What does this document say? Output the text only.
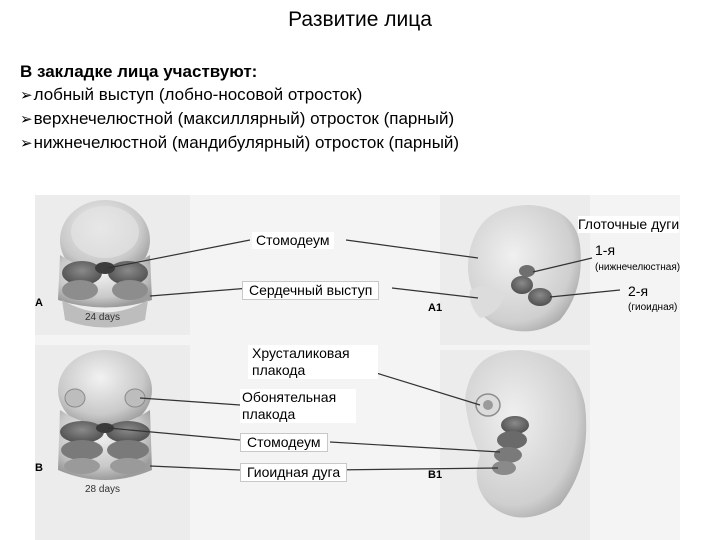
Развитие лица
В закладке лица участвуют:
➢лобный выступ (лобно-носовой отросток)
➢верхнечелюстной (максиллярный) отросток (парный)
➢нижнечелюстной (мандибулярный) отросток (парный)
Стомодеум
Сердечный выступ
Хрусталиковая плакода
Обонятельная плакода
Стомодеум
Гиоидная дуга
Глоточные дуги
1-я
(нижнечелюстная)
2-я
(гиоидная)
A
24 days
A1
B
28 days
B1
